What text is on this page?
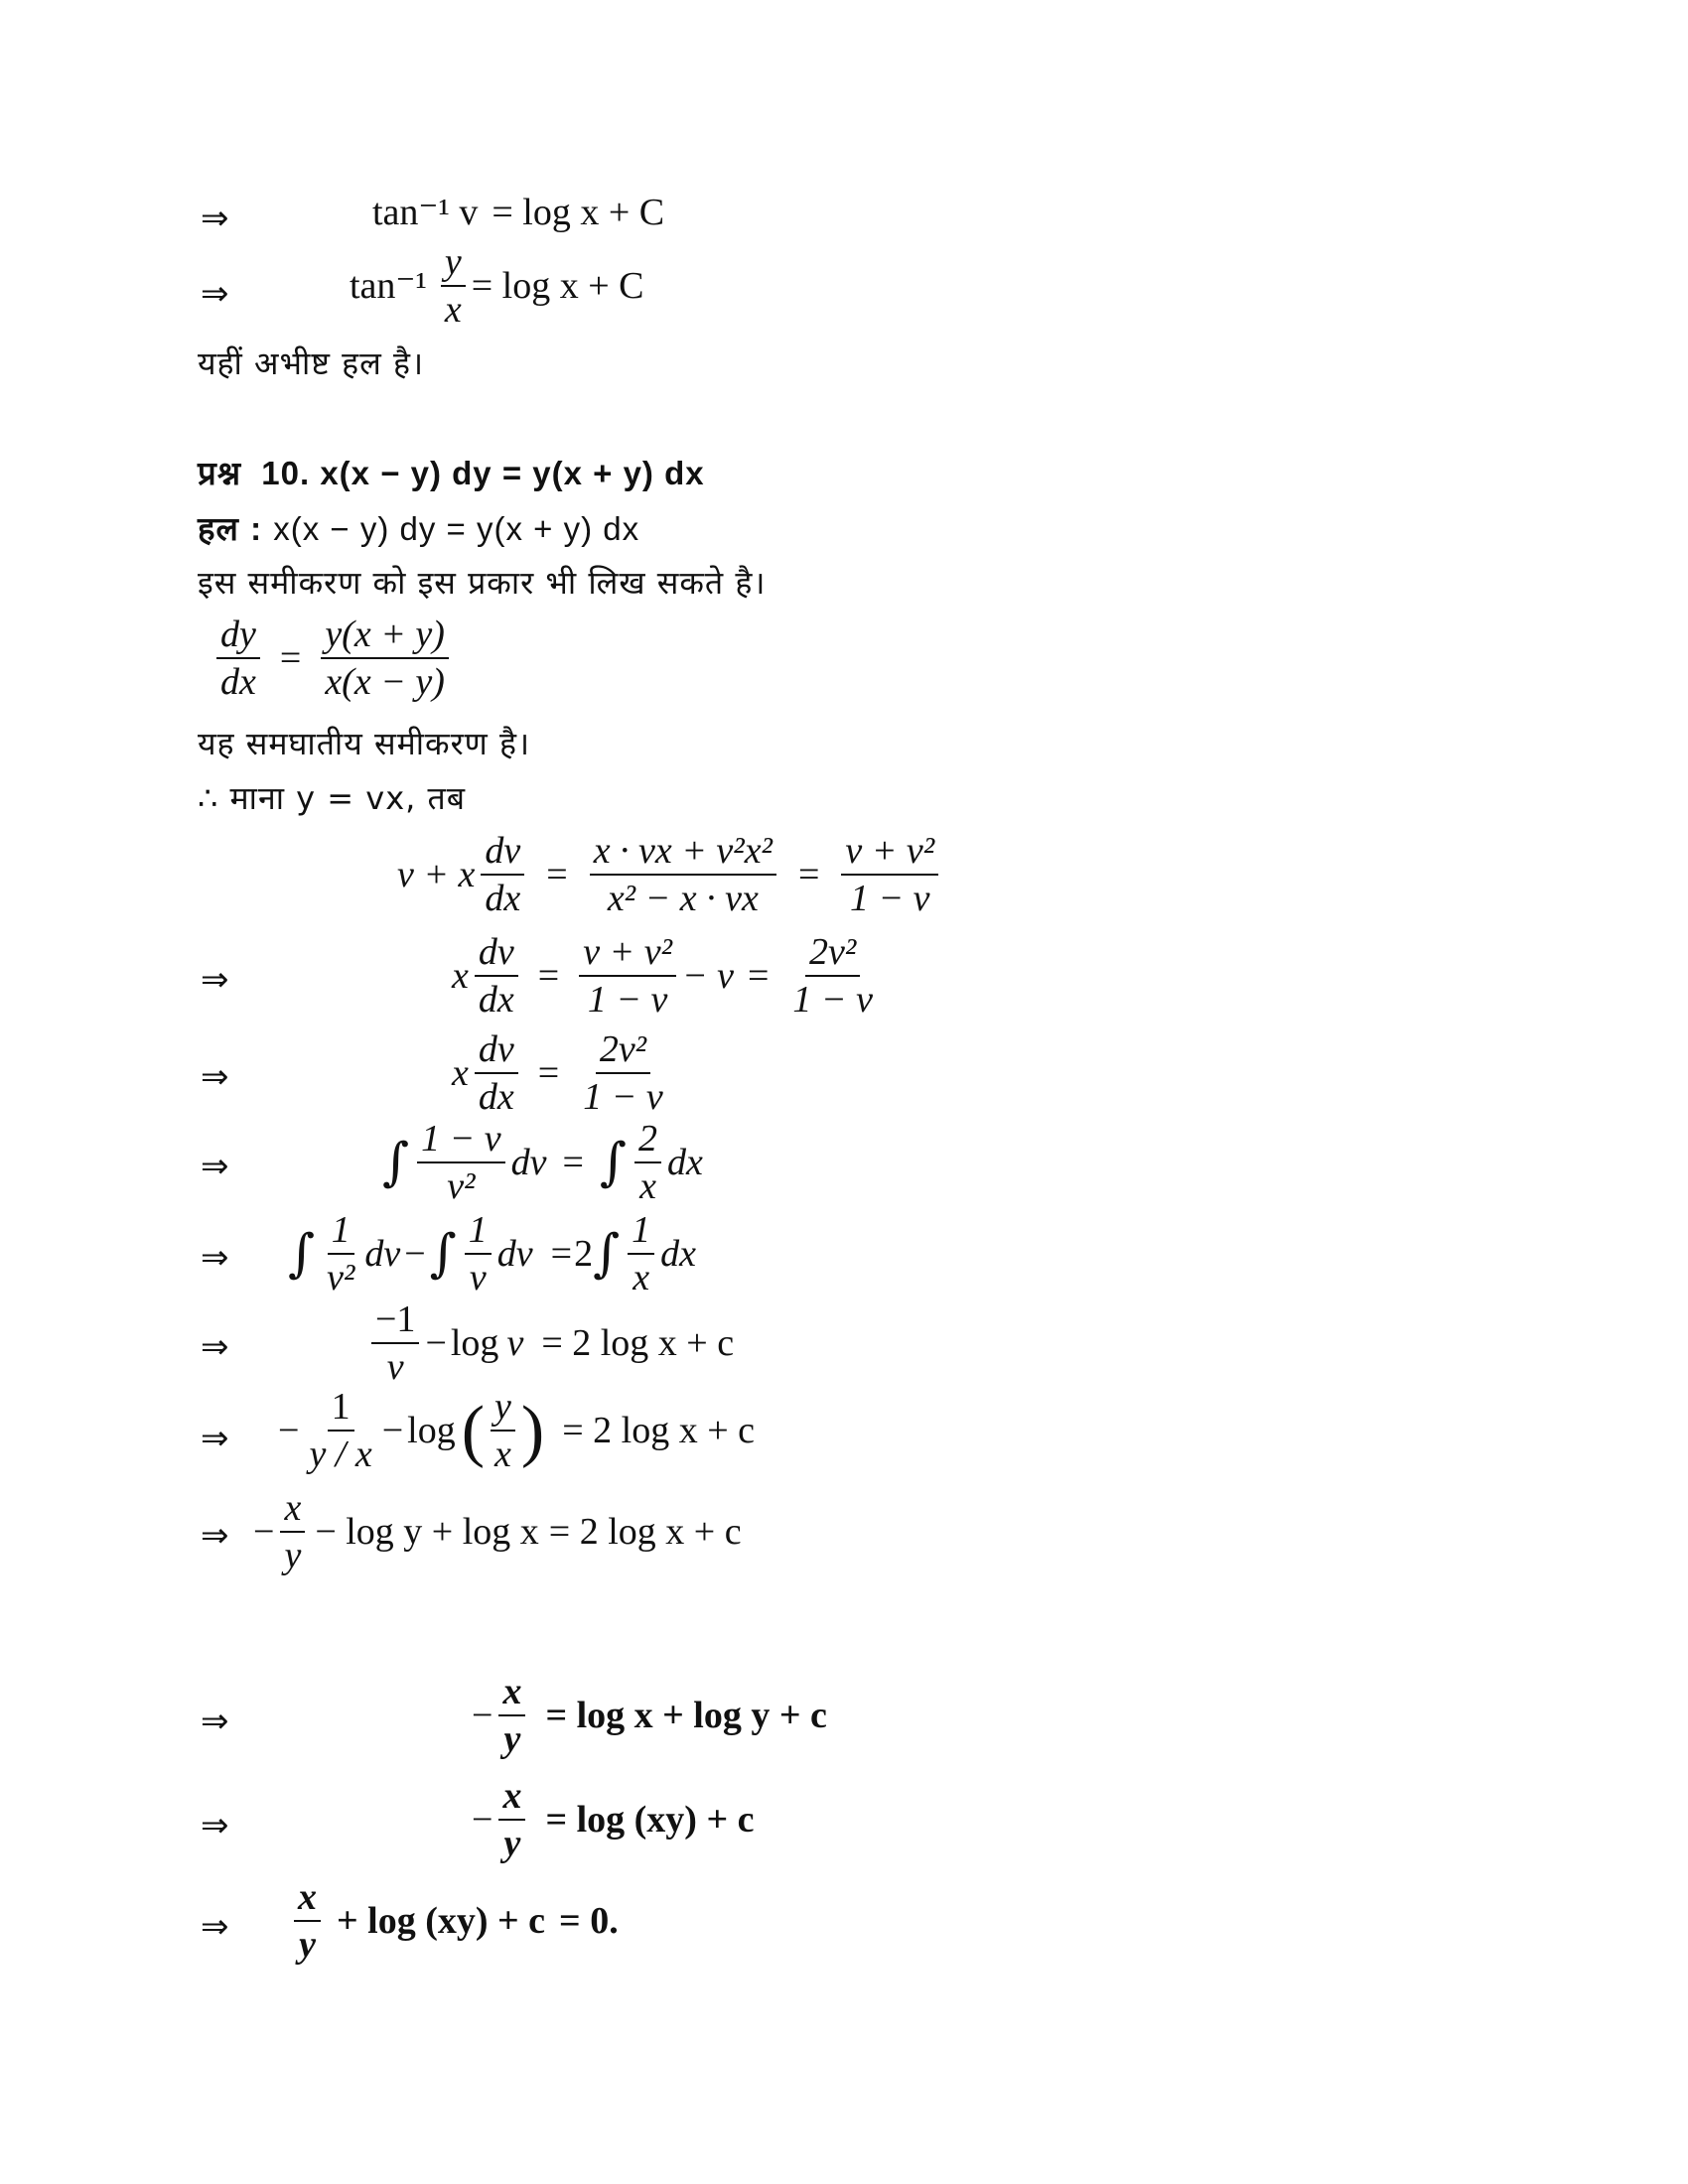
⇒	tan⁻¹ v = log x + C
⇒	$\tan^{-1} \frac{y}{x} = \log x + C$
यहीं अभीष्ट हल है।
प्रश्न 10. x(x − y) dy = y(x + y) dx
हल : x(x − y) dy = y(x + y) dx
इस समीकरण को इस प्रकार भी लिख सकते है।
$\frac{dy}{dx} = \frac{y(x + y)}{x(x - y)}$
यह समघातीय समीकरण है।
∴ माना y = vx, तब
v + x $\frac{dv}{dx} = \frac{\text{x · vx + v²x²}}{\text{x² − x · vx}} = \frac{\text{v + v²}}{1 - v}$
⇒	x $\frac{dv}{dx} = \frac{\text{v + v²}}{1 - v} - v = \frac{\text{2v²}}{1 - v}$
⇒	x $\frac{dv}{dx} = \frac{\text{2v²}}{1 - v}$
⇒	∫ $\frac{1 - v}{\text{v²}}$ dv = ∫ $\frac{2}{x}$ dx
⇒ ∫ $\frac{1}{\text{v²}}$ dv − ∫ $\frac{1}{v}$ dv = 2 ∫ $\frac{1}{x}$ dx
⇒	$\frac{-1}{v} - \log v = 2$ log x + c
⇒ − $\frac{1}{y / x} - \log$ ( $\frac{y}{x}$ ) = 2 log x + c
⇒ − $\frac{x}{y} - \log y + \log x = 2$ log x + c
⇒	− $\frac{x}{y} = \log x + \log y + c$
⇒	− $\frac{x}{y} = \log (xy) + c$
⇒ $\frac{x}{y} + \log (xy) + c = 0$.
